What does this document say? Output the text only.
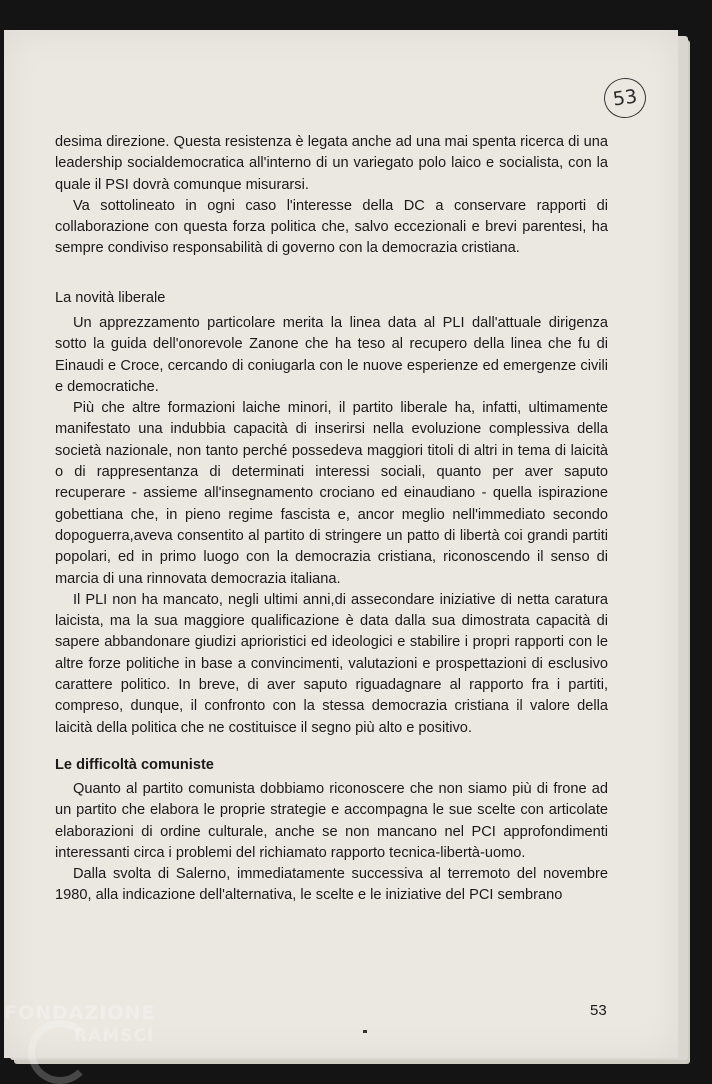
53

desima direzione. Questa resistenza è legata anche ad una mai spenta ricerca di una leadership socialdemocratica all'interno di un variegato polo laico e socialista, con la quale il PSI dovrà comunque misurarsi.

Va sottolineato in ogni caso l'interesse della DC a conservare rapporti di collaborazione con questa forza politica che, salvo eccezionali e brevi parentesi, ha sempre condiviso responsabilità di governo con la democrazia cristiana.

La novità liberale

Un apprezzamento particolare merita la linea data al PLI dall'attuale dirigenza sotto la guida dell'onorevole Zanone che ha teso al recupero della linea che fu di Einaudi e Croce, cercando di coniugarla con le nuove esperienze ed emergenze civili e democratiche.

Più che altre formazioni laiche minori, il partito liberale ha, infatti, ultimamente manifestato una indubbia capacità di inserirsi nella evoluzione complessiva della società nazionale, non tanto perché possedeva maggiori titoli di altri in tema di laicità o di rappresentanza di determinati interessi sociali, quanto per aver saputo recuperare - assieme all'insegnamento crociano ed einaudiano - quella ispirazione gobettiana che, in pieno regime fascista e, ancor meglio nell'immediato secondo dopoguerra,aveva consentito al partito di stringere un patto di libertà coi grandi partiti popolari, ed in primo luogo con la democrazia cristiana, riconoscendo il senso di marcia di una rinnovata democrazia italiana.

Il PLI non ha mancato, negli ultimi anni,di assecondare iniziative di netta caratura laicista, ma la sua maggiore qualificazione è data dalla sua dimostrata capacità di sapere abbandonare giudizi aprioristici ed ideologici e stabilire i propri rapporti con le altre forze politiche in base a convincimenti, valutazioni e prospettazioni di esclusivo carattere politico. In breve, di aver saputo riguadagnare al rapporto fra i partiti, compreso, dunque, il confronto con la stessa democrazia cristiana il valore della laicità della politica che ne costituisce il segno più alto e positivo.

Le difficoltà comuniste

Quanto al partito comunista dobbiamo riconoscere che non siamo più di frone ad un partito che elabora le proprie strategie e accompagna le sue scelte con articolate elaborazioni di ordine culturale, anche se non mancano nel PCI approfondimenti interessanti circa i problemi del richiamato rapporto tecnica-libertà-uomo.

Dalla svolta di Salerno, immediatamente successiva al terremoto del novembre 1980, alla indicazione dell'alternativa, le scelte e le iniziative del PCI sembrano

53
FONDAZIONE
RAMSCI
